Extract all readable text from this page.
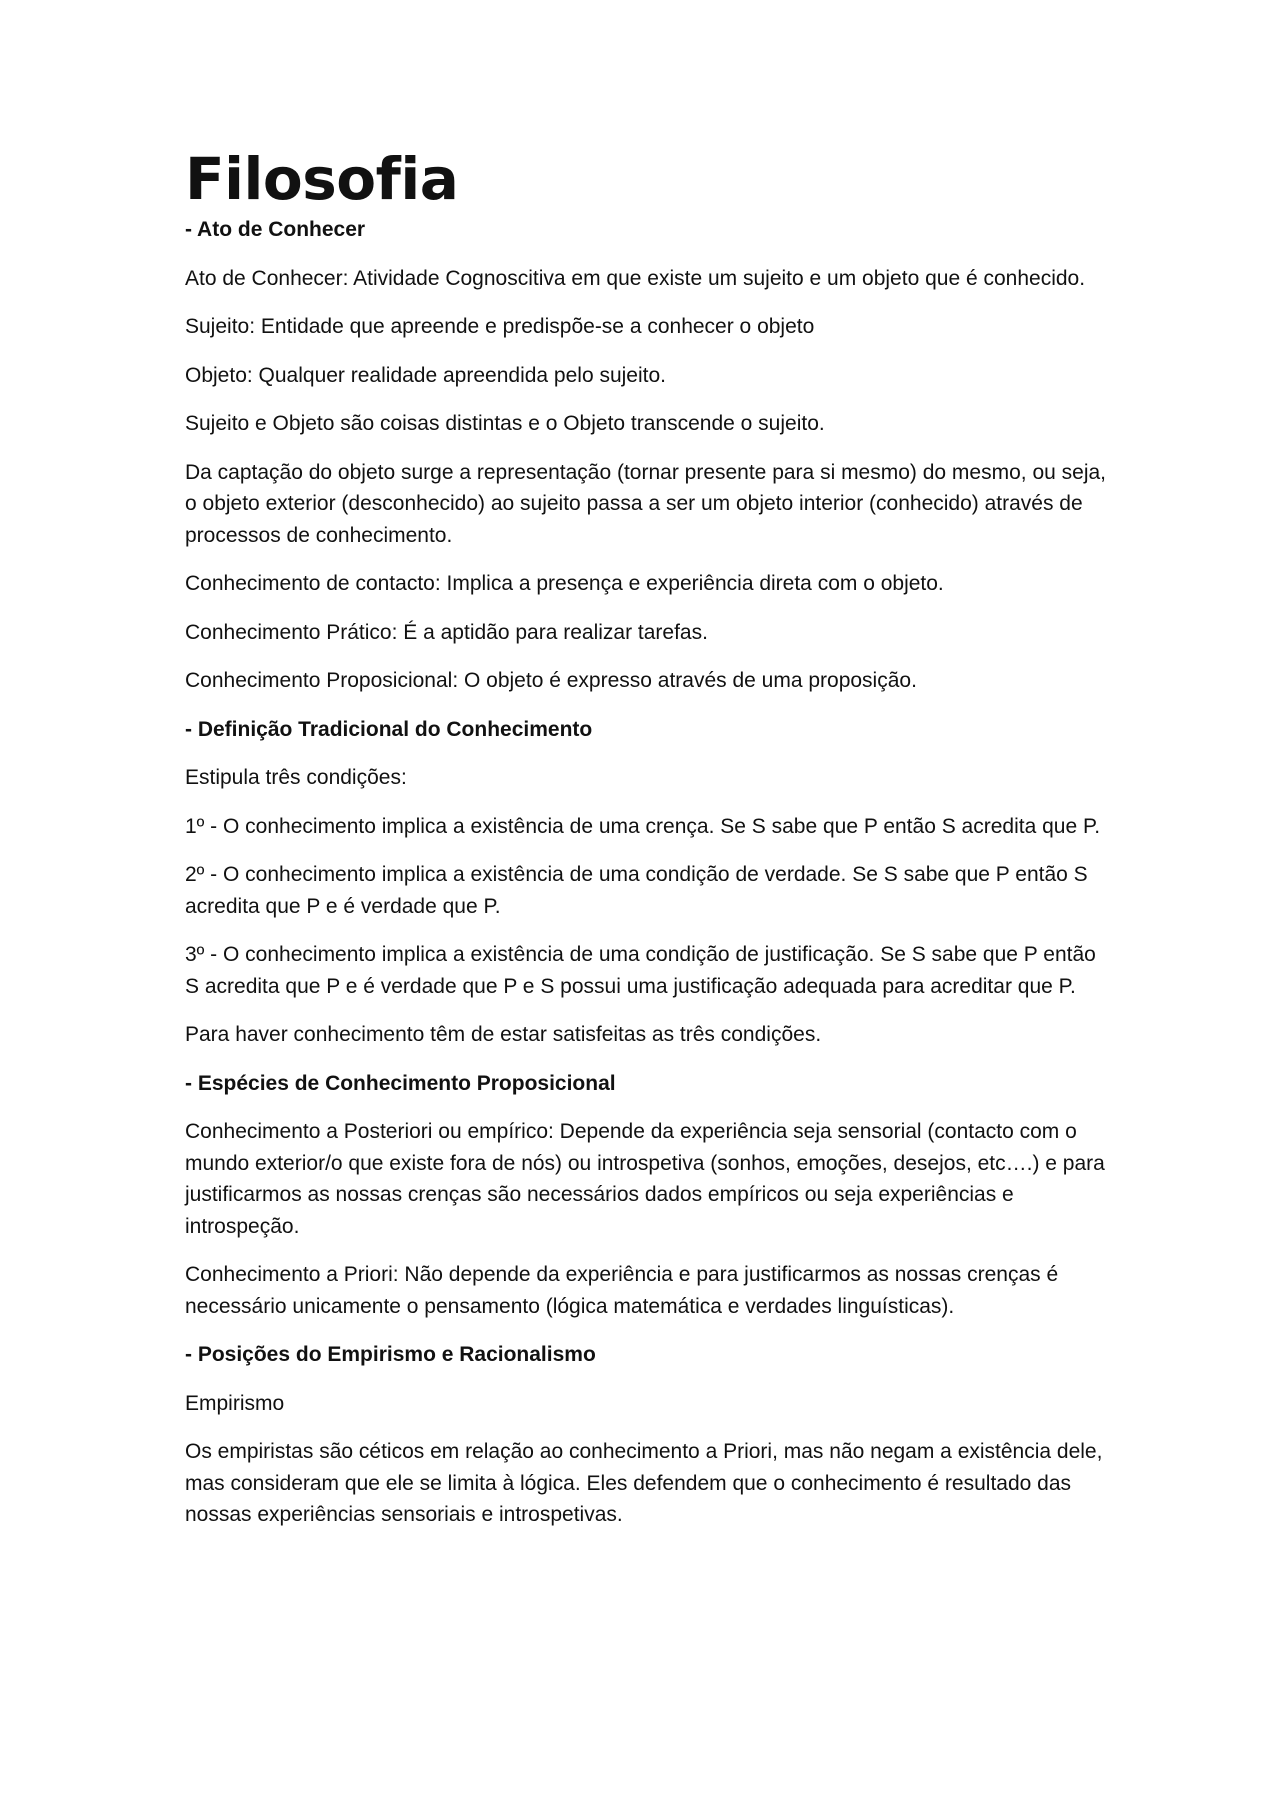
Filosofia

- Ato de Conhecer

Ato de Conhecer: Atividade Cognoscitiva em que existe um sujeito e um objeto que é conhecido.

Sujeito: Entidade que apreende e predispõe-se a conhecer o objeto

Objeto: Qualquer realidade apreendida pelo sujeito.

Sujeito e Objeto são coisas distintas e o Objeto transcende o sujeito.

Da captação do objeto surge a representação (tornar presente para si mesmo) do mesmo, ou seja, o objeto exterior (desconhecido) ao sujeito passa a ser um objeto interior (conhecido) através de processos de conhecimento.

Conhecimento de contacto: Implica a presença e experiência direta com o objeto.

Conhecimento Prático: É a aptidão para realizar tarefas.

Conhecimento Proposicional: O objeto é expresso através de uma proposição.

- Definição Tradicional do Conhecimento

Estipula três condições:

1º - O conhecimento implica a existência de uma crença. Se S sabe que P então S acredita que P.

2º - O conhecimento implica a existência de uma condição de verdade. Se S sabe que P então S acredita que P e é verdade que P.

3º - O conhecimento implica a existência de uma condição de justificação. Se S sabe que P então S acredita que P e é verdade que P e S possui uma justificação adequada para acreditar que P.

Para haver conhecimento têm de estar satisfeitas as três condições.

- Espécies de Conhecimento Proposicional

Conhecimento a Posteriori ou empírico: Depende da experiência seja sensorial (contacto com o mundo exterior/o que existe fora de nós) ou introspetiva (sonhos, emoções, desejos, etc….) e para justificarmos as nossas crenças são necessários dados empíricos ou seja experiências e introspeção.

Conhecimento a Priori: Não depende da experiência e para justificarmos as nossas crenças é necessário unicamente o pensamento (lógica matemática e verdades linguísticas).

- Posições do Empirismo e Racionalismo

Empirismo

Os empiristas são céticos em relação ao conhecimento a Priori, mas não negam a existência dele, mas consideram que ele se limita à lógica. Eles defendem que o conhecimento é resultado das nossas experiências sensoriais e introspetivas.
